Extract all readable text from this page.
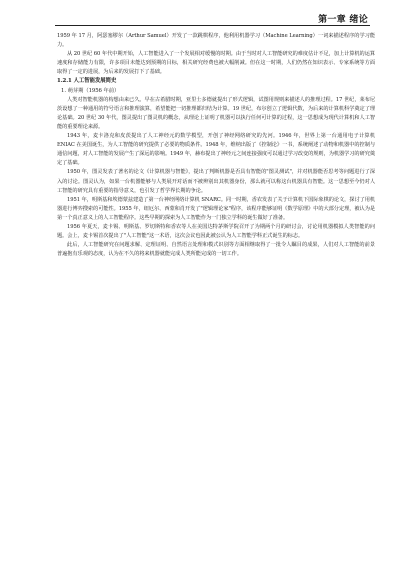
第一章 绪论

1959 年 17 月，阿瑟塞缪尔（Arthur Samuel）开发了一款跳棋程序，他利用机器学习（Machine Learning）一词来描述程序的学习能力。

从 20 世纪 60 年代中期开始，人工智能进入了一个发展相对缓慢的时期。由于当时对人工智能研究的难度估计不足，加上计算机的运算速度和存储能力有限，许多项目未能达到预期的目标，相关研究经费也被大幅削减。但在这一时期，人们仍然在知识表示、专家系统等方面取得了一定的进展，为后来的发展打下了基础。

1.2.1 人工智能发展简史
1. 萌芽期（1956 年前）

人类对智能机器的构想由来已久。早在古希腊时期，亚里士多德就提出了形式逻辑，试图用规则来描述人的推理过程。17 世纪，莱布尼茨设想了一种通用的符号语言和推理演算，希望能把一切推理都归结为计算。19 世纪，布尔创立了逻辑代数，为后来的计算机科学奠定了理论基础。20 世纪 30 年代，图灵提出了图灵机的概念，从理论上证明了机器可以执行任何可计算的过程，这一思想成为现代计算机和人工智能的重要理论来源。

1943 年，麦卡洛克和皮茨提出了人工神经元的数学模型，开创了神经网络研究的先河。1946 年，世界上第一台通用电子计算机 ENIAC 在美国诞生，为人工智能的研究提供了必要的物质条件。1948 年，维纳出版了《控制论》一书，系统阐述了动物和机器中的控制与通信问题，对人工智能的发展产生了深远的影响。1949 年，赫布提出了神经元之间连接强度可以通过学习改变的规则，为机器学习的研究奠定了基础。

1950 年，图灵发表了著名的论文《计算机器与智能》，提出了判断机器是否具有智能的"图灵测试"，并对机器能否思考等问题进行了深入的讨论。图灵认为，如果一台机器能够与人类展开对话而不被辨别出其机器身份，那么就可以称这台机器具有智能。这一思想至今仍对人工智能的研究具有重要的指导意义，也引发了哲学界长期的争论。

1951 年，明斯基和埃德蒙兹建造了第一台神经网络计算机 SNARC。同一时期，香农发表了关于计算机下国际象棋的论文，探讨了用机器进行博弈搜索的可能性。1955 年，纽厄尔、西蒙和肖开发了"逻辑理论家"程序，该程序能够证明《数学原理》中的大部分定理，被认为是第一个真正意义上的人工智能程序。这些早期的探索为人工智能作为一门独立学科的诞生做好了准备。

1956 年夏天，麦卡锡、明斯基、罗切斯特和香农等人在美国达特茅斯学院召开了为期两个月的研讨会，讨论用机器模拟人类智能的问题。会上，麦卡锡首次提出了"人工智能"这一术语，这次会议也因此被公认为人工智能学科正式诞生的标志。

此后，人工智能研究在问题求解、定理证明、自然语言处理和模式识别等方面相继取得了一批令人瞩目的成果，人们对人工智能的前景普遍抱有乐观的态度，认为在不久的将来机器就能完成人类所能完成的一切工作。
